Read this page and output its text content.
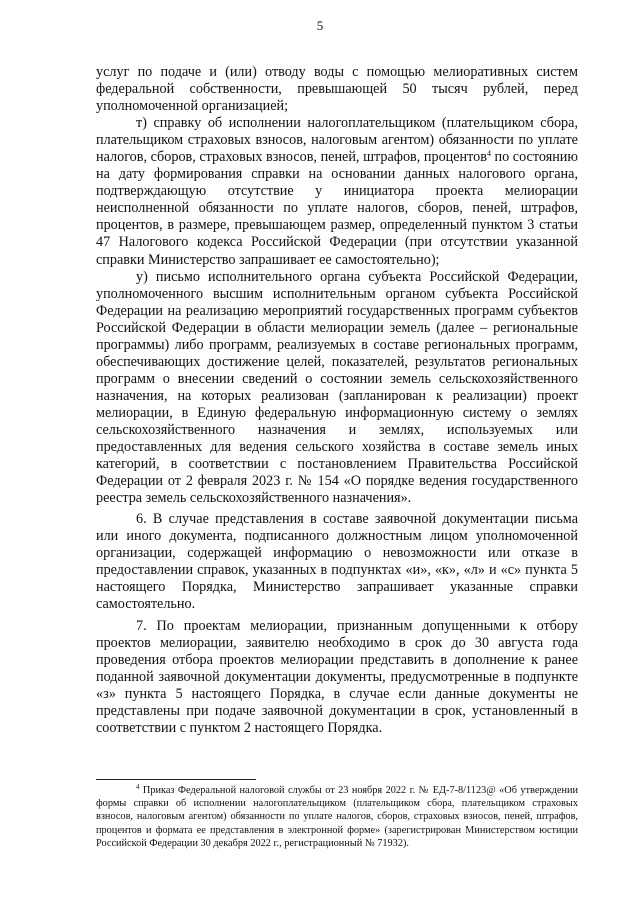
5

услуг по подаче и (или) отводу воды с помощью мелиоративных систем федеральной собственности, превышающей 50 тысяч рублей, перед уполномоченной организацией;

т) справку об исполнении налогоплательщиком (плательщиком сбора, плательщиком страховых взносов, налоговым агентом) обязанности по уплате налогов, сборов, страховых взносов, пеней, штрафов, процентов$^4$ по состоянию на дату формирования справки на основании данных налогового органа, подтверждающую отсутствие у инициатора проекта мелиорации неисполненной обязанности по уплате налогов, сборов, пеней, штрафов, процентов, в размере, превышающем размер, определенный пунктом 3 статьи 47 Налогового кодекса Российской Федерации (при отсутствии указанной справки Министерство запрашивает ее самостоятельно);

у) письмо исполнительного органа субъекта Российской Федерации, уполномоченного высшим исполнительным органом субъекта Российской Федерации на реализацию мероприятий государственных программ субъектов Российской Федерации в области мелиорации земель (далее – региональные программы) либо программ, реализуемых в составе региональных программ, обеспечивающих достижение целей, показателей, результатов региональных программ о внесении сведений о состоянии земель сельскохозяйственного назначения, на которых реализован (запланирован к реализации) проект мелиорации, в Единую федеральную информационную систему о землях сельскохозяйственного назначения и землях, используемых или предоставленных для ведения сельского хозяйства в составе земель иных категорий, в соответствии с постановлением Правительства Российской Федерации от 2 февраля 2023 г. № 154 «О порядке ведения государственного реестра земель сельскохозяйственного назначения».

6. В случае представления в составе заявочной документации письма или иного документа, подписанного должностным лицом уполномоченной организации, содержащей информацию о невозможности или отказе в предоставлении справок, указанных в подпунктах «и», «к», «л» и «с» пункта 5 настоящего Порядка, Министерство запрашивает указанные справки самостоятельно.

7. По проектам мелиорации, признанным допущенными к отбору проектов мелиорации, заявителю необходимо в срок до 30 августа года проведения отбора проектов мелиорации представить в дополнение к ранее поданной заявочной документации документы, предусмотренные в подпункте «з» пункта 5 настоящего Порядка, в случае если данные документы не представлены при подаче заявочной документации в срок, установленный в соответствии с пунктом 2 настоящего Порядка.

$^4$ Приказ Федеральной налоговой службы от 23 ноября 2022 г. № ЕД-7-8/1123@ «Об утверждении формы справки об исполнении налогоплательщиком (плательщиком сбора, плательщиком страховых взносов, налоговым агентом) обязанности по уплате налогов, сборов, страховых взносов, пеней, штрафов, процентов и формата ее представления в электронной форме» (зарегистрирован Министерством юстиции Российской Федерации 30 декабря 2022 г., регистрационный № 71932).
